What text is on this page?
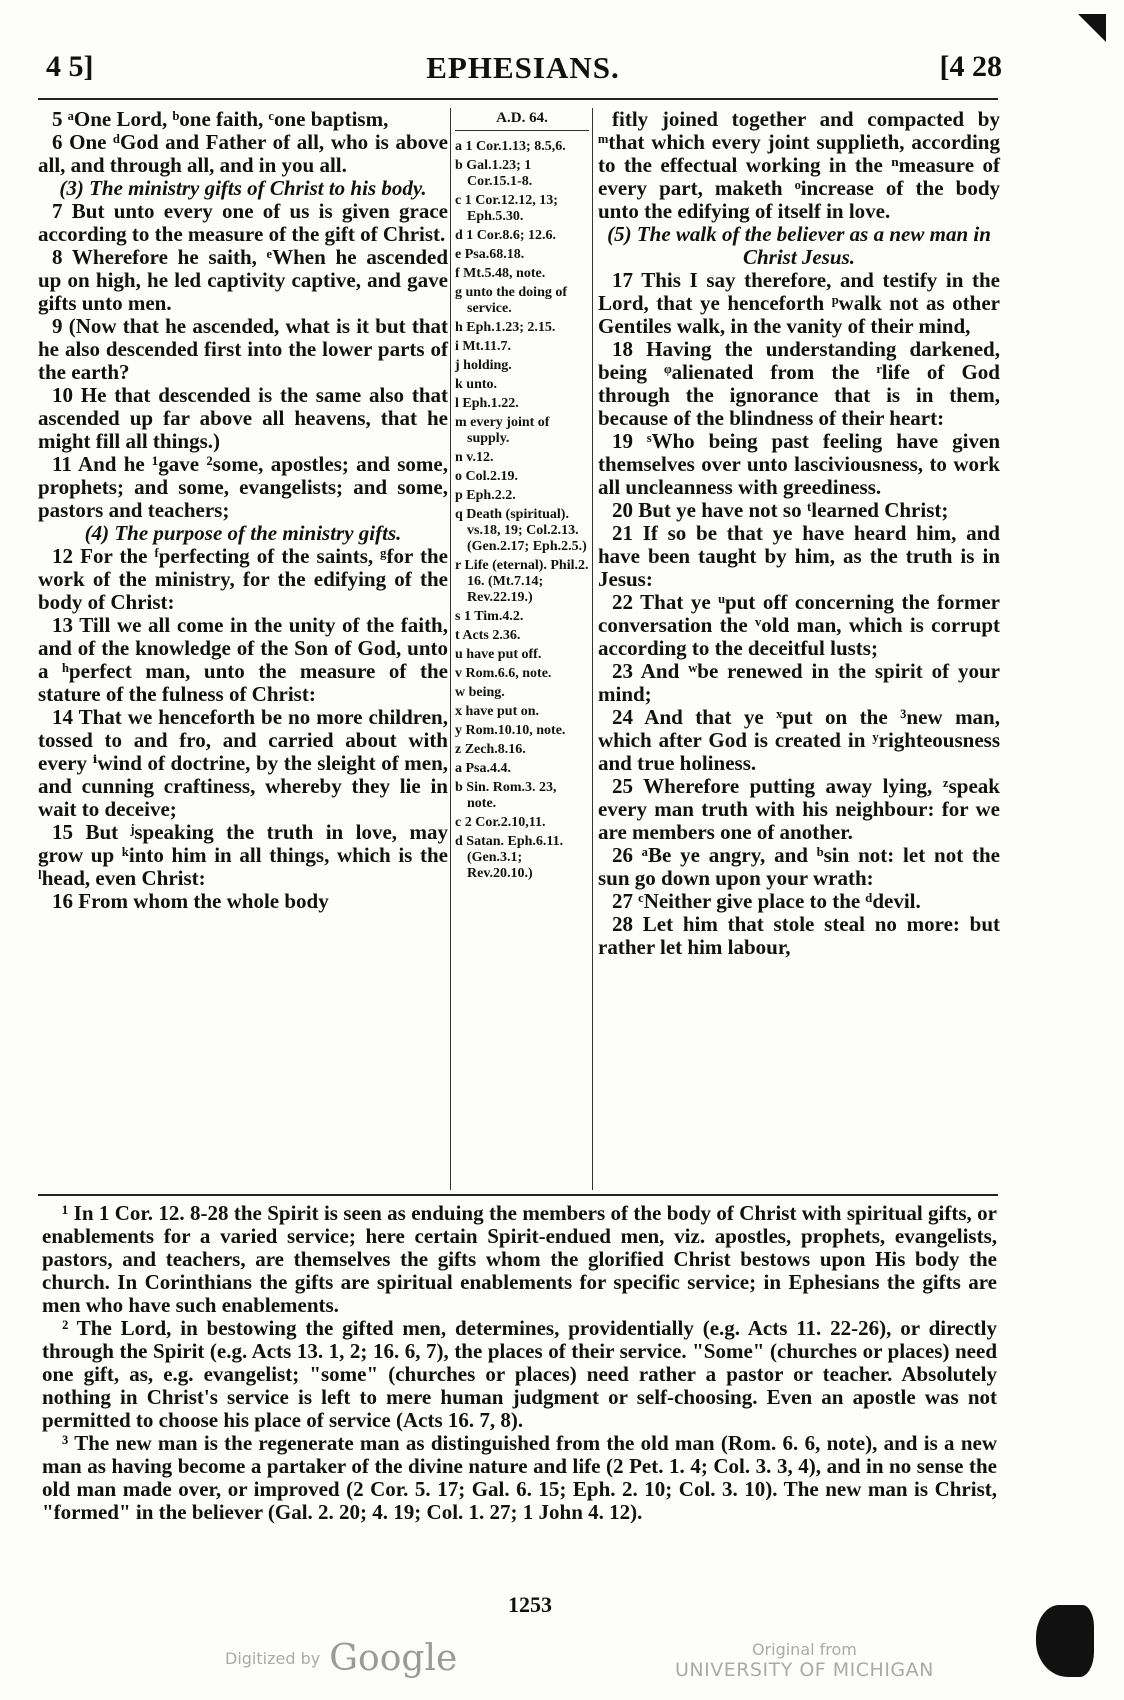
4 5]	EPHESIANS.	[4 28

5 ᵃOne Lord, ᵇone faith, ᶜone baptism,

6 One ᵈGod and Father of all, who is above all, and through all, and in you all.

(3) The ministry gifts of Christ to his body.

7 But unto every one of us is given grace according to the measure of the gift of Christ.

8 Wherefore he saith, ᵉWhen he ascended up on high, he led captivity captive, and gave gifts unto men.

9 (Now that he ascended, what is it but that he also descended first into the lower parts of the earth?

10 He that descended is the same also that ascended up far above all heavens, that he might fill all things.)

11 And he ¹gave ²some, apostles; and some, prophets; and some, evangelists; and some, pastors and teachers;

(4) The purpose of the ministry gifts.

12 For the ᶠperfecting of the saints, ᵍfor the work of the ministry, for the edifying of the body of Christ:

13 Till we all come in the unity of the faith, and of the knowledge of the Son of God, unto a ʰperfect man, unto the measure of the stature of the fulness of Christ:

14 That we henceforth be no more children, tossed to and fro, and carried about with every ⁱwind of doctrine, by the sleight of men, and cunning craftiness, whereby they lie in wait to deceive;

15 But ʲspeaking the truth in love, may grow up ᵏinto him in all things, which is the ˡhead, even Christ:

16 From whom the whole body

A.D. 64.
a 1 Cor.1.13; 8.5,6.
b Gal.1.23; 1 Cor.15.1-8.
c 1 Cor.12.12, 13; Eph.5.30.
d 1 Cor.8.6; 12.6.
e Psa.68.18.
f Mt.5.48, note.
g unto the doing of service.
h Eph.1.23; 2.15.
i Mt.11.7.
j holding.
k unto.
l Eph.1.22.
m every joint of supply.
n v.12.
o Col.2.19.
p Eph.2.2.
q Death (spiritual). vs.18, 19; Col.2.13. (Gen.2.17; Eph.2.5.)
r Life (eternal). Phil.2. 16. (Mt.7.14; Rev.22.19.)
s 1 Tim.4.2.
t Acts 2.36.
u have put off.
v Rom.6.6, note.
w being.
x have put on.
y Rom.10.10, note.
z Zech.8.16.
a Psa.4.4.
b Sin. Rom.3. 23, note.
c 2 Cor.2.10,11.
d Satan. Eph.6.11. (Gen.3.1; Rev.20.10.)

fitly joined together and compacted by ᵐthat which every joint supplieth, according to the effectual working in the ⁿmeasure of every part, maketh ᵒincrease of the body unto the edifying of itself in love.

(5) The walk of the believer as a new man in Christ Jesus.

17 This I say therefore, and testify in the Lord, that ye henceforth ᵖwalk not as other Gentiles walk, in the vanity of their mind,

18 Having the understanding darkened, being ᵠalienated from the ʳlife of God through the ignorance that is in them, because of the blindness of their heart:

19 ˢWho being past feeling have given themselves over unto lasciviousness, to work all uncleanness with greediness.

20 But ye have not so ᵗlearned Christ;

21 If so be that ye have heard him, and have been taught by him, as the truth is in Jesus:

22 That ye ᵘput off concerning the former conversation the ᵛold man, which is corrupt according to the deceitful lusts;

23 And ʷbe renewed in the spirit of your mind;

24 And that ye ˣput on the ³new man, which after God is created in ʸrighteousness and true holiness.

25 Wherefore putting away lying, ᶻspeak every man truth with his neighbour: for we are members one of another.

26 ᵃBe ye angry, and ᵇsin not: let not the sun go down upon your wrath:

27 ᶜNeither give place to the ᵈdevil.

28 Let him that stole steal no more: but rather let him labour,

¹ In 1 Cor. 12. 8-28 the Spirit is seen as enduing the members of the body of Christ with spiritual gifts, or enablements for a varied service; here certain Spirit-endued men, viz. apostles, prophets, evangelists, pastors, and teachers, are themselves the gifts whom the glorified Christ bestows upon His body the church. In Corinthians the gifts are spiritual enablements for specific service; in Ephesians the gifts are men who have such enablements.

² The Lord, in bestowing the gifted men, determines, providentially (e.g. Acts 11. 22-26), or directly through the Spirit (e.g. Acts 13. 1, 2; 16. 6, 7), the places of their service. "Some" (churches or places) need one gift, as, e.g. evangelist; "some" (churches or places) need rather a pastor or teacher. Absolutely nothing in Christ's service is left to mere human judgment or self-choosing. Even an apostle was not permitted to choose his place of service (Acts 16. 7, 8).

³ The new man is the regenerate man as distinguished from the old man (Rom. 6. 6, note), and is a new man as having become a partaker of the divine nature and life (2 Pet. 1. 4; Col. 3. 3, 4), and in no sense the old man made over, or improved (2 Cor. 5. 17; Gal. 6. 15; Eph. 2. 10; Col. 3. 10). The new man is Christ, "formed" in the believer (Gal. 2. 20; 4. 19; Col. 1. 27; 1 John 4. 12).

1253
Digitized by Google	Original from
UNIVERSITY OF MICHIGAN
